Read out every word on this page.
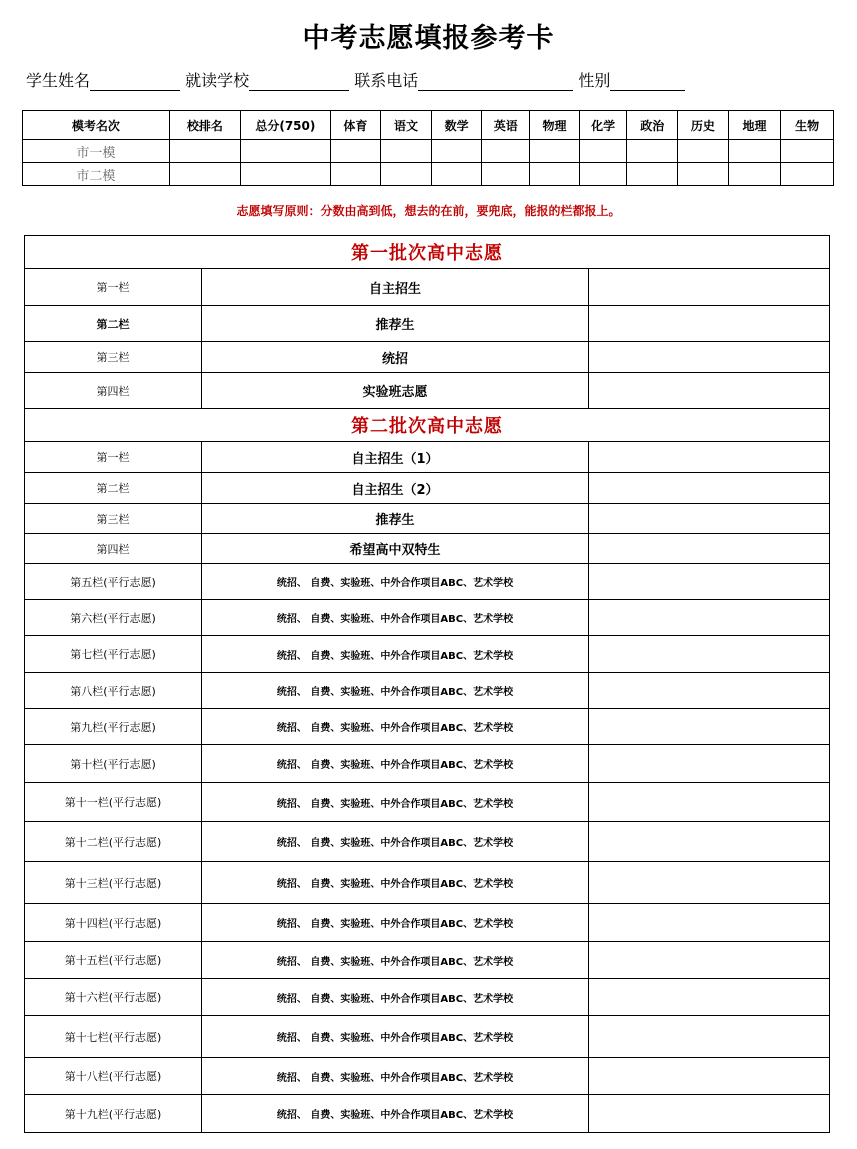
中考志愿填报参考卡
学生姓名	就读学校	联系电话	性别
模考名次	校排名	总分(750)	体育	语文	数学	英语	物理	化学	政治	历史	地理	生物
市一模												
市二模												
志愿填写原则：分数由高到低，想去的在前，要兜底，能报的栏都报上。
第一批次高中志愿		
第一栏	自主招生	
第二栏	推荐生	
第三栏	统招	
第四栏	实验班志愿	
第二批次高中志愿		
第一栏	自主招生（1）	
第二栏	自主招生（2）	
第三栏	推荐生	
第四栏	希望高中双特生	
第五栏(平行志愿)	统招、 自费、实验班、中外合作项目ABC、艺术学校	
第六栏(平行志愿)	统招、 自费、实验班、中外合作项目ABC、艺术学校	
第七栏(平行志愿)	统招、 自费、实验班、中外合作项目ABC、艺术学校	
第八栏(平行志愿)	统招、 自费、实验班、中外合作项目ABC、艺术学校	
第九栏(平行志愿)	统招、 自费、实验班、中外合作项目ABC、艺术学校	
第十栏(平行志愿)	统招、 自费、实验班、中外合作项目ABC、艺术学校	
第十一栏(平行志愿)	统招、 自费、实验班、中外合作项目ABC、艺术学校	
第十二栏(平行志愿)	统招、 自费、实验班、中外合作项目ABC、艺术学校	
第十三栏(平行志愿)	统招、 自费、实验班、中外合作项目ABC、艺术学校	
第十四栏(平行志愿)	统招、 自费、实验班、中外合作项目ABC、艺术学校	
第十五栏(平行志愿)	统招、 自费、实验班、中外合作项目ABC、艺术学校	
第十六栏(平行志愿)	统招、 自费、实验班、中外合作项目ABC、艺术学校	
第十七栏(平行志愿)	统招、 自费、实验班、中外合作项目ABC、艺术学校	
第十八栏(平行志愿)	统招、 自费、实验班、中外合作项目ABC、艺术学校	
第十九栏(平行志愿)	统招、 自费、实验班、中外合作项目ABC、艺术学校	
